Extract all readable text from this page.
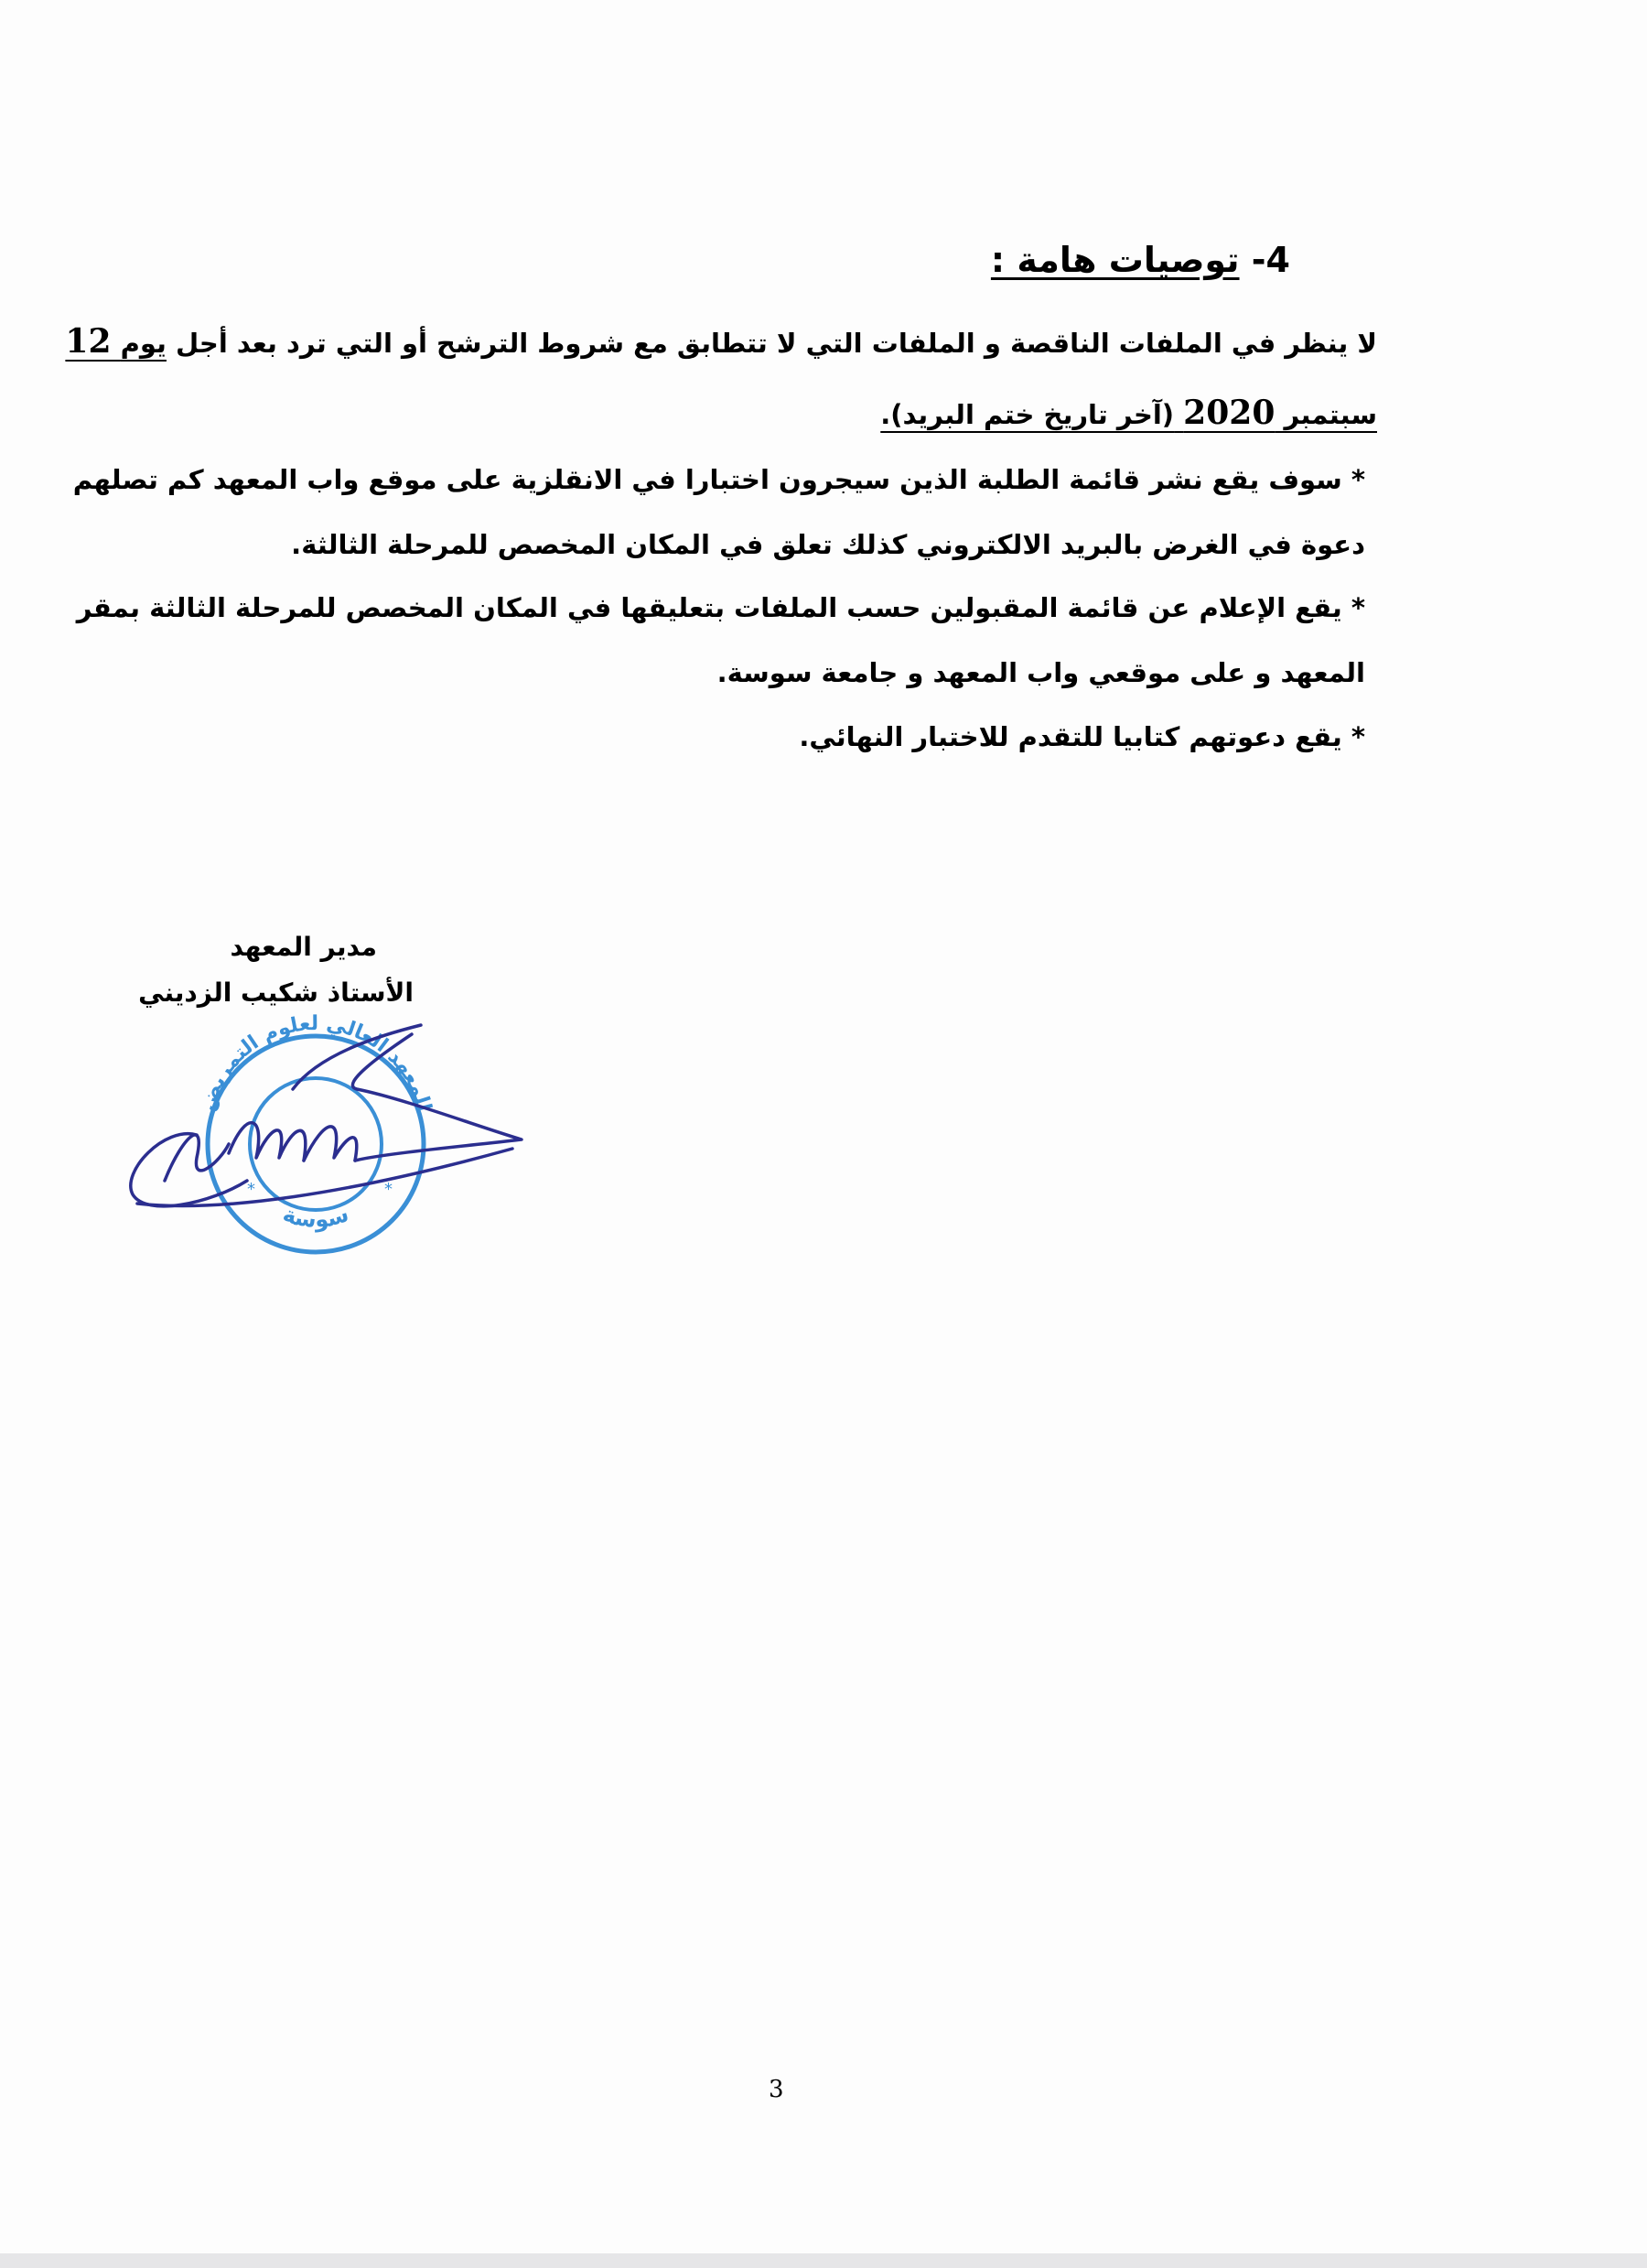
4- توصيات هامة :
لا ينظر في الملفات الناقصة و الملفات التي لا تتطابق مع شروط الترشح أو التي ترد بعد أجل يوم 12
سبتمبر 2020 (آخر تاريخ ختم البريد).
* سوف يقع نشر قائمة الطلبة الذين سيجرون اختبارا في الانقلزية على موقع واب المعهد كم تصلهم
دعوة في الغرض بالبريد الالكتروني كذلك تعلق في المكان المخصص للمرحلة الثالثة.
* يقع الإعلام عن قائمة المقبولين حسب الملفات بتعليقها في المكان المخصص للمرحلة الثالثة بمقر
المعهد و على موقعي واب المعهد و جامعة سوسة.
* يقع دعوتهم كتابيا للتقدم للاختبار النهائي.
مدير المعهد
الأستاذ شكيب الزديني
المعهد العالي لعلوم التمريض
سوسة
*	*
3
